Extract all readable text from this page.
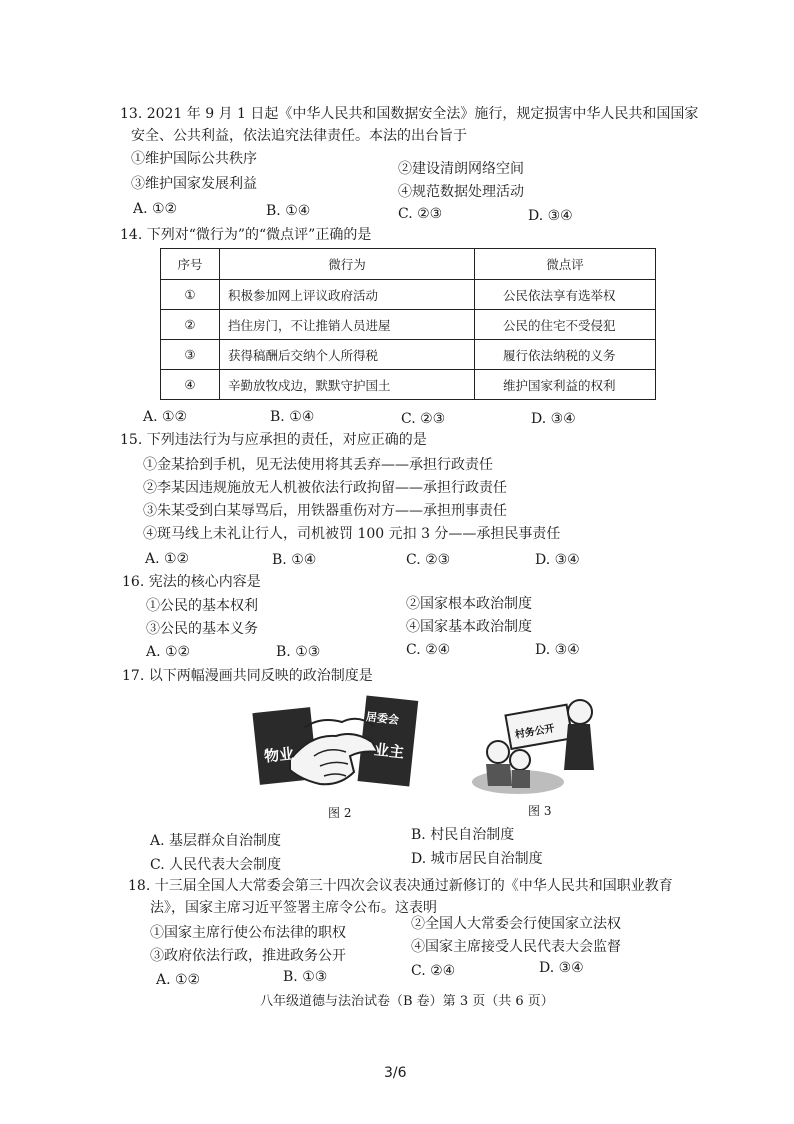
13. 2021 年 9 月 1 日起《中华人民共和国数据安全法》施行，规定损害中华人民共和国国家
安全、公共利益，依法追究法律责任。本法的出台旨于
①维护国际公共秩序
②建设清朗网络空间
③维护国家发展利益	④规范数据处理活动
A. ①②	B. ①④	C. ②③	D. ③④
14. 下列对“微行为”的“微点评”正确的是
序号	微行为	微点评
①	积极参加网上评议政府活动	公民依法享有选举权
②	挡住房门，不让推销人员进屋	公民的住宅不受侵犯
③	获得稿酬后交纳个人所得税	履行依法纳税的义务
④	辛勤放牧戍边，默默守护国土	维护国家利益的权利
A. ①②	B. ①④	C. ②③	D. ③④
15. 下列违法行为与应承担的责任，对应正确的是
①金某拾到手机，见无法使用将其丢弃——承担行政责任
②李某因违规施放无人机被依法行政拘留——承担行政责任
③朱某受到白某辱骂后，用铁器重伤对方——承担刑事责任
④斑马线上未礼让行人，司机被罚 100 元扣 3 分——承担民事责任
A. ①②	B. ①④	C. ②③	D. ③④
16. 宪法的核心内容是
①公民的基本权利	②国家根本政治制度
③公民的基本义务	④国家基本政治制度
A. ①②	B. ①③	C. ②④	D. ③④
17. 以下两幅漫画共同反映的政治制度是
物业
居委会
业主
图 2
村务公开
图 3
A. 基层群众自治制度	B. 村民自治制度
C. 人民代表大会制度	D. 城市居民自治制度
18. 十三届全国人大常委会第三十四次会议表决通过新修订的《中华人民共和国职业教育
法》，国家主席习近平签署主席令公布。这表明
①国家主席行使公布法律的职权
②全国人大常委会行使国家立法权
③政府依法行政，推进政务公开
④国家主席接受人民代表大会监督
A. ①②	B. ①③	C. ②④	D. ③④
八年级道德与法治试卷（B 卷）第 3 页（共 6 页）
3/6
